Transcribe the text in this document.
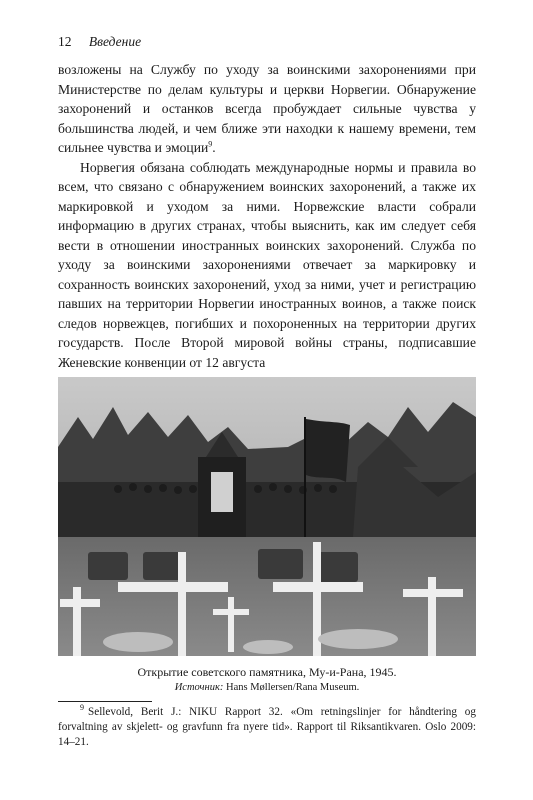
12 Введение

возложены на Службу по уходу за воинскими захоронениями при Министерстве по делам культуры и церкви Норвегии. Обнаружение захоронений и останков всегда пробуждает сильные чувства у большинства людей, и чем ближе эти находки к нашему времени, тем сильнее чувства и эмоции$^9$.

Норвегия обязана соблюдать международные нормы и правила во всем, что связано с обнаружением воинских захоронений, а также их маркировкой и уходом за ними. Норвежские власти собрали информацию в других странах, чтобы выяснить, как им следует себя вести в отношении иностранных воинских захоронений. Служба по уходу за воинскими захоронениями отвечает за маркировку и сохранность воинских захоронений, уход за ними, учет и регистрацию павших на территории Норвегии иностранных воинов, а также поиск следов норвежцев, погибших и похороненных на территории других государств. После Второй мировой войны страны, подписавшие Женевские конвенции от 12 августа

Открытие советского памятника, Му-и-Рана, 1945.
Источник: Hans Møllersen/Rana Museum.
$^9$ Sellevold, Berit J.: NIKU Rapport 32. «Om retningslinjer for håndtering og forvaltning av skjelett- og gravfunn fra nyere tid». Rapport til Riksantikvaren. Oslo 2009: 14–21.
